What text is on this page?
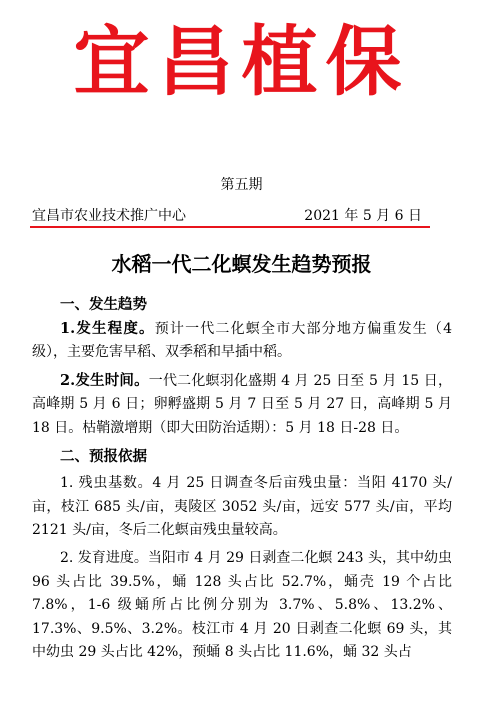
宜昌植保
第五期
宜昌市农业技术推广中心	2021 年 5 月 6 日
水稻一代二化螟发生趋势预报

一、发生趋势

1.发生程度。预计一代二化螟全市大部分地方偏重发生（4 级），主要危害早稻、双季稻和早插中稻。

2.发生时间。一代二化螟羽化盛期 4 月 25 日至 5 月 15 日，高峰期 5 月 6 日；卵孵盛期 5 月 7 日至 5 月 27 日，高峰期 5 月 18 日。枯鞘激增期（即大田防治适期）：5 月 18 日-28 日。

二、预报依据

1. 残虫基数。4 月 25 日调查冬后亩残虫量：当阳 4170 头/亩，枝江 685 头/亩，夷陵区 3052 头/亩，远安 577 头/亩，平均 2121 头/亩，冬后二化螟亩残虫量较高。

2. 发育进度。当阳市 4 月 29 日剥查二化螟 243 头，其中幼虫 96 头占比 39.5%，蛹 128 头占比 52.7%，蛹壳 19 个占比 7.8%，1-6 级蛹所占比例分别为 3.7%、5.8%、13.2%、17.3%、9.5%、3.2%。枝江市 4 月 20 日剥查二化螟 69 头，其中幼虫 29 头占比 42%，预蛹 8 头占比 11.6%，蛹 32 头占
